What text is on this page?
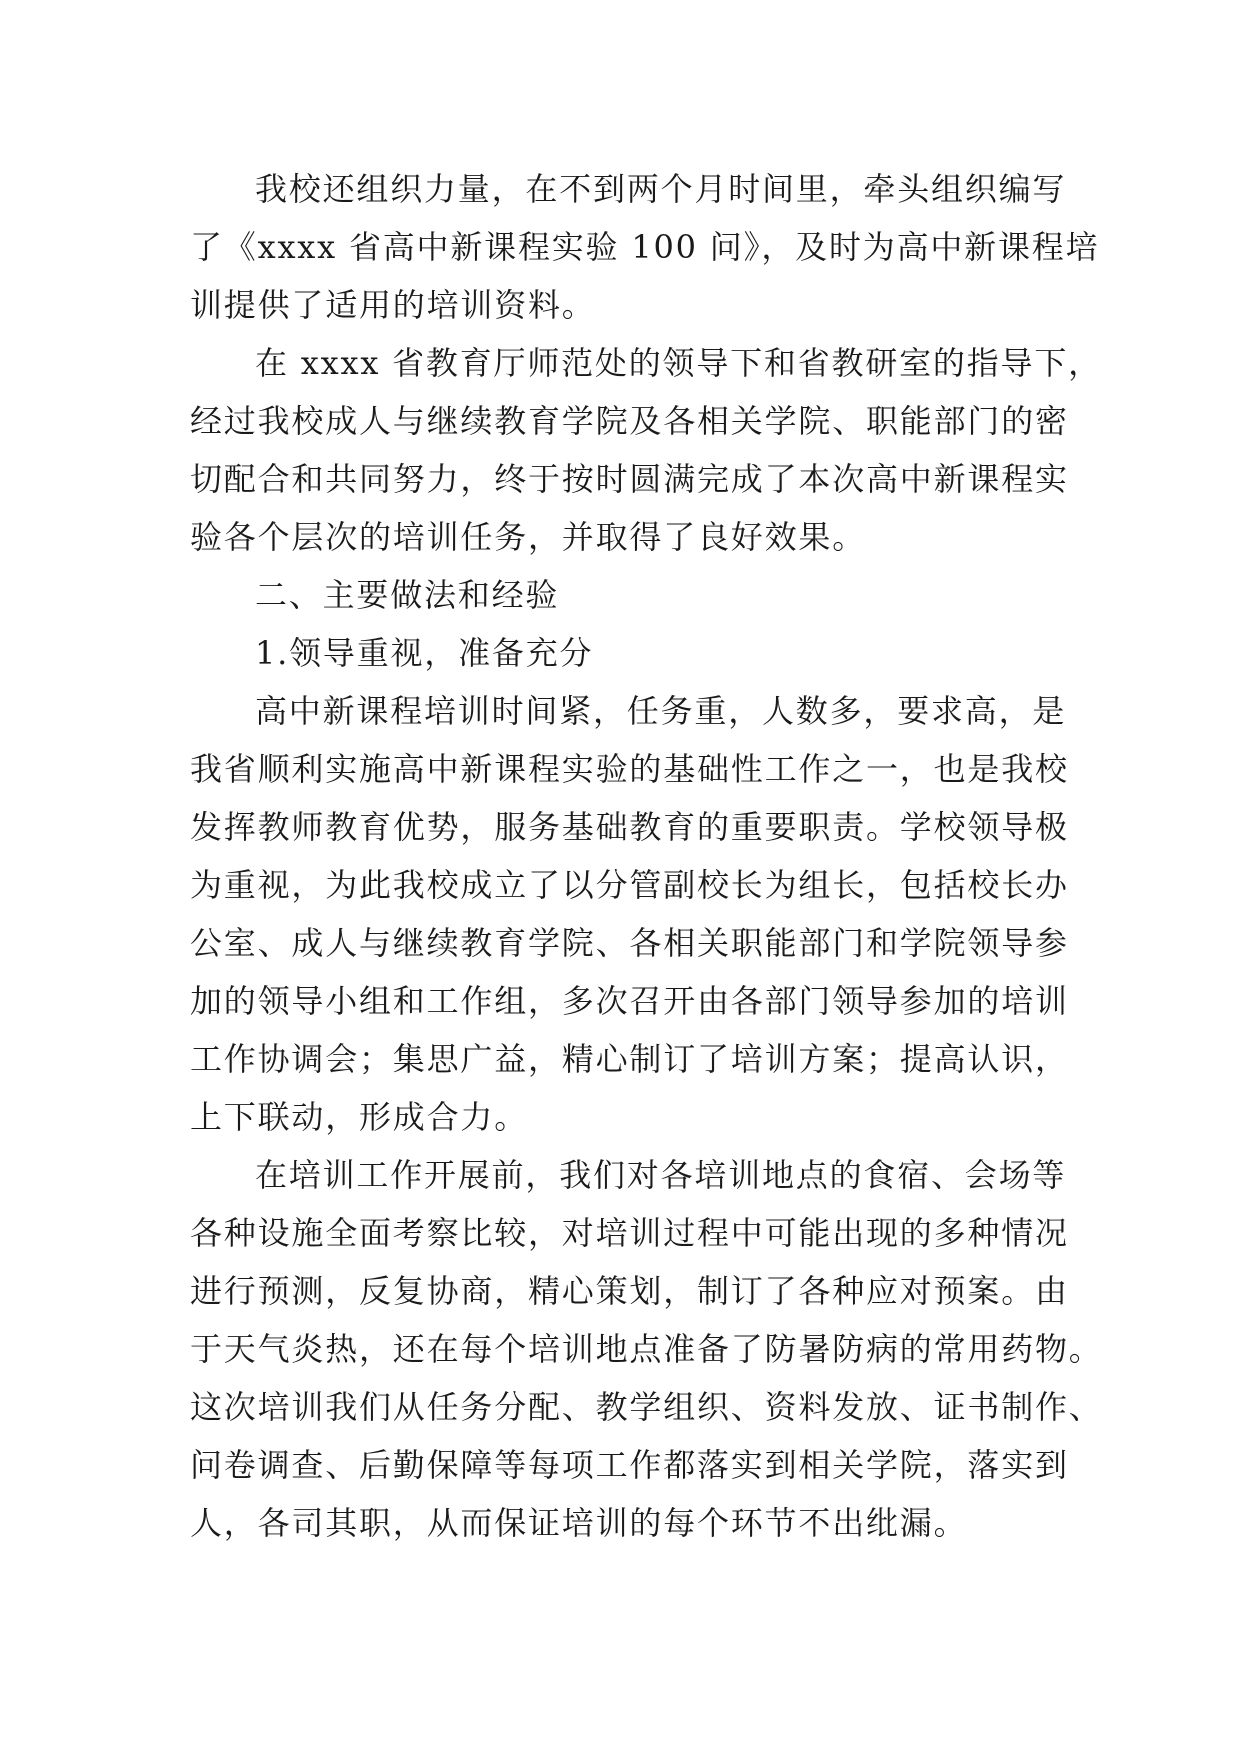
我校还组织力量，在不到两个月时间里，牵头组织编写
了《xxxx 省高中新课程实验 100 问》，及时为高中新课程培
训提供了适用的培训资料。
在 xxxx 省教育厅师范处的领导下和省教研室的指导下，
经过我校成人与继续教育学院及各相关学院、职能部门的密
切配合和共同努力，终于按时圆满完成了本次高中新课程实
验各个层次的培训任务，并取得了良好效果。
二、主要做法和经验
1.领导重视，准备充分
高中新课程培训时间紧，任务重，人数多，要求高，是
我省顺利实施高中新课程实验的基础性工作之一，也是我校
发挥教师教育优势，服务基础教育的重要职责。学校领导极
为重视，为此我校成立了以分管副校长为组长，包括校长办
公室、成人与继续教育学院、各相关职能部门和学院领导参
加的领导小组和工作组，多次召开由各部门领导参加的培训
工作协调会；集思广益，精心制订了培训方案；提高认识，
上下联动，形成合力。
在培训工作开展前，我们对各培训地点的食宿、会场等
各种设施全面考察比较，对培训过程中可能出现的多种情况
进行预测，反复协商，精心策划，制订了各种应对预案。由
于天气炎热，还在每个培训地点准备了防暑防病的常用药物。
这次培训我们从任务分配、教学组织、资料发放、证书制作、
问卷调查、后勤保障等每项工作都落实到相关学院，落实到
人，各司其职，从而保证培训的每个环节不出纰漏。
